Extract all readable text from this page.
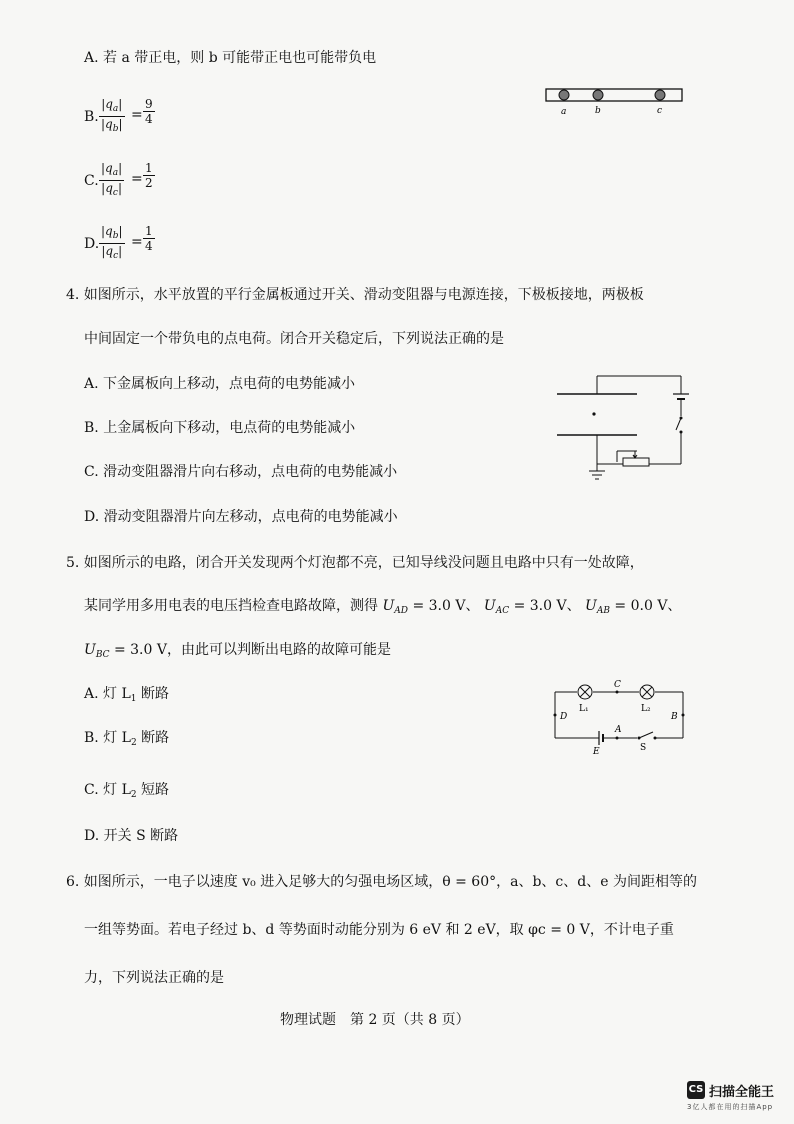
A. 若 a 带正电，则 b 可能带正电也可能带负电
B. $\frac{|q_a|}{|q_b|} = \frac{9}{4}$
C. $\frac{|q_a|}{|q_c|} = \frac{1}{2}$
D. $\frac{|q_b|}{|q_c|} = \frac{1}{4}$
a	b	c
4. 如图所示，水平放置的平行金属板通过开关、滑动变阻器与电源连接，下极板接地，两极板
中间固定一个带负电的点电荷。闭合开关稳定后，下列说法正确的是
A. 下金属板向上移动，点电荷的电势能减小
B. 上金属板向下移动，电点荷的电势能减小
C. 滑动变阻器滑片向右移动，点电荷的电势能减小
D. 滑动变阻器滑片向左移动，点电荷的电势能减小
5. 如图所示的电路，闭合开关发现两个灯泡都不亮，已知导线没问题且电路中只有一处故障，
某同学用多用电表的电压挡检查电路故障，测得 $U_{AD} = 3.0$ V、 $U_{AC} = 3.0$ V、 $U_{AB} = 0.0$ V、
$U_{BC} = 3.0$ V，由此可以判断出电路的故障可能是
A. 灯 $L_1$ 断路
B. 灯 $L_2$ 断路
C. 灯 $L_2$ 短路
D. 开关 S 断路
L₁	L₂
C
D	B
A
E	S
6. 如图所示，一电子以速度 v₀ 进入足够大的匀强电场区域，θ = 60°，a、b、c、d、e 为间距相等的
一组等势面。若电子经过 b、d 等势面时动能分别为 6 eV 和 2 eV，取 φc = 0 V，不计电子重
力，下列说法正确的是
物理试题　第 2 页（共 8 页）
CS 扫描全能王
3亿人都在用的扫描App
